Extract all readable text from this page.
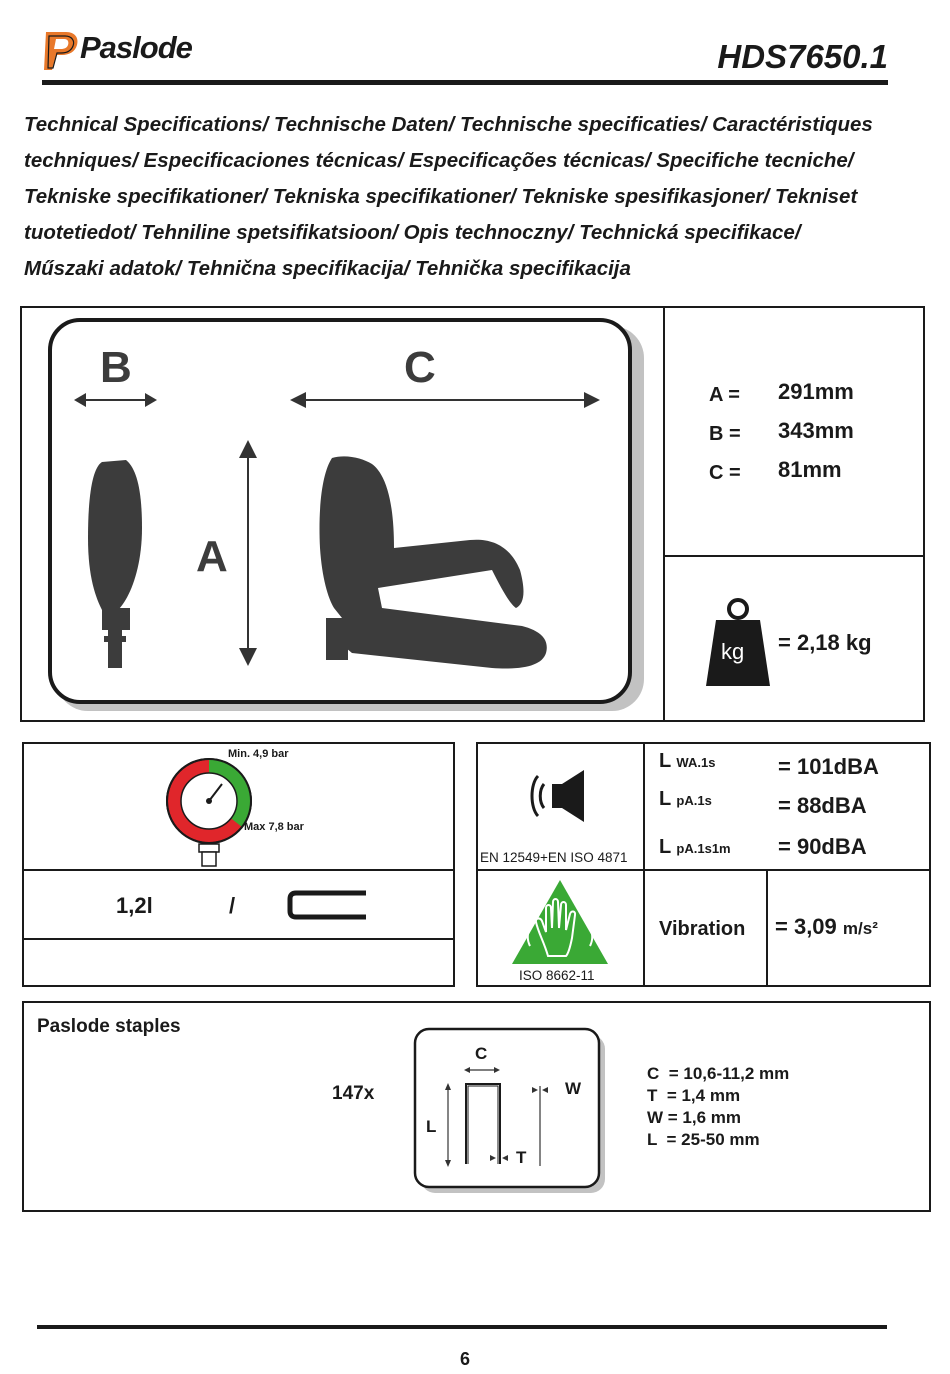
Paslode	HDS7650.1
Technical Specifications/ Technische Daten/ Technische specificaties/ Caractéristiques
techniques/ Especificaciones técnicas/ Especificações técnicas/ Specifiche tecniche/
Tekniske specifikationer/ Tekniska specifikationer/ Tekniske spesifikasjoner/ Tekniset
tuotetiedot/ Tehniline spetsifikatsioon/ Opis technoczny/ Technická specifikace/
Műszaki adatok/ Tehnična specifikacija/ Tehnička specifikacija
B	C
A
A = 291mm
B = 343mm
C = 81mm
kg = 2,18 kg
Min. 4,9 bar
Max 7,8 bar
1,2l	/
EN 12549+EN ISO 4871
L WA.1s	= 101dBA
L pA.1s	= 88dBA
L pA.1s1m = 90dBA
ISO 8662-11
Vibration = 3,09 m/s²
Paslode staples
147x
C
L
T
W
C  = 10,6-11,2 mm
T  = 1,4 mm
W = 1,6 mm
L  = 25-50 mm
6
